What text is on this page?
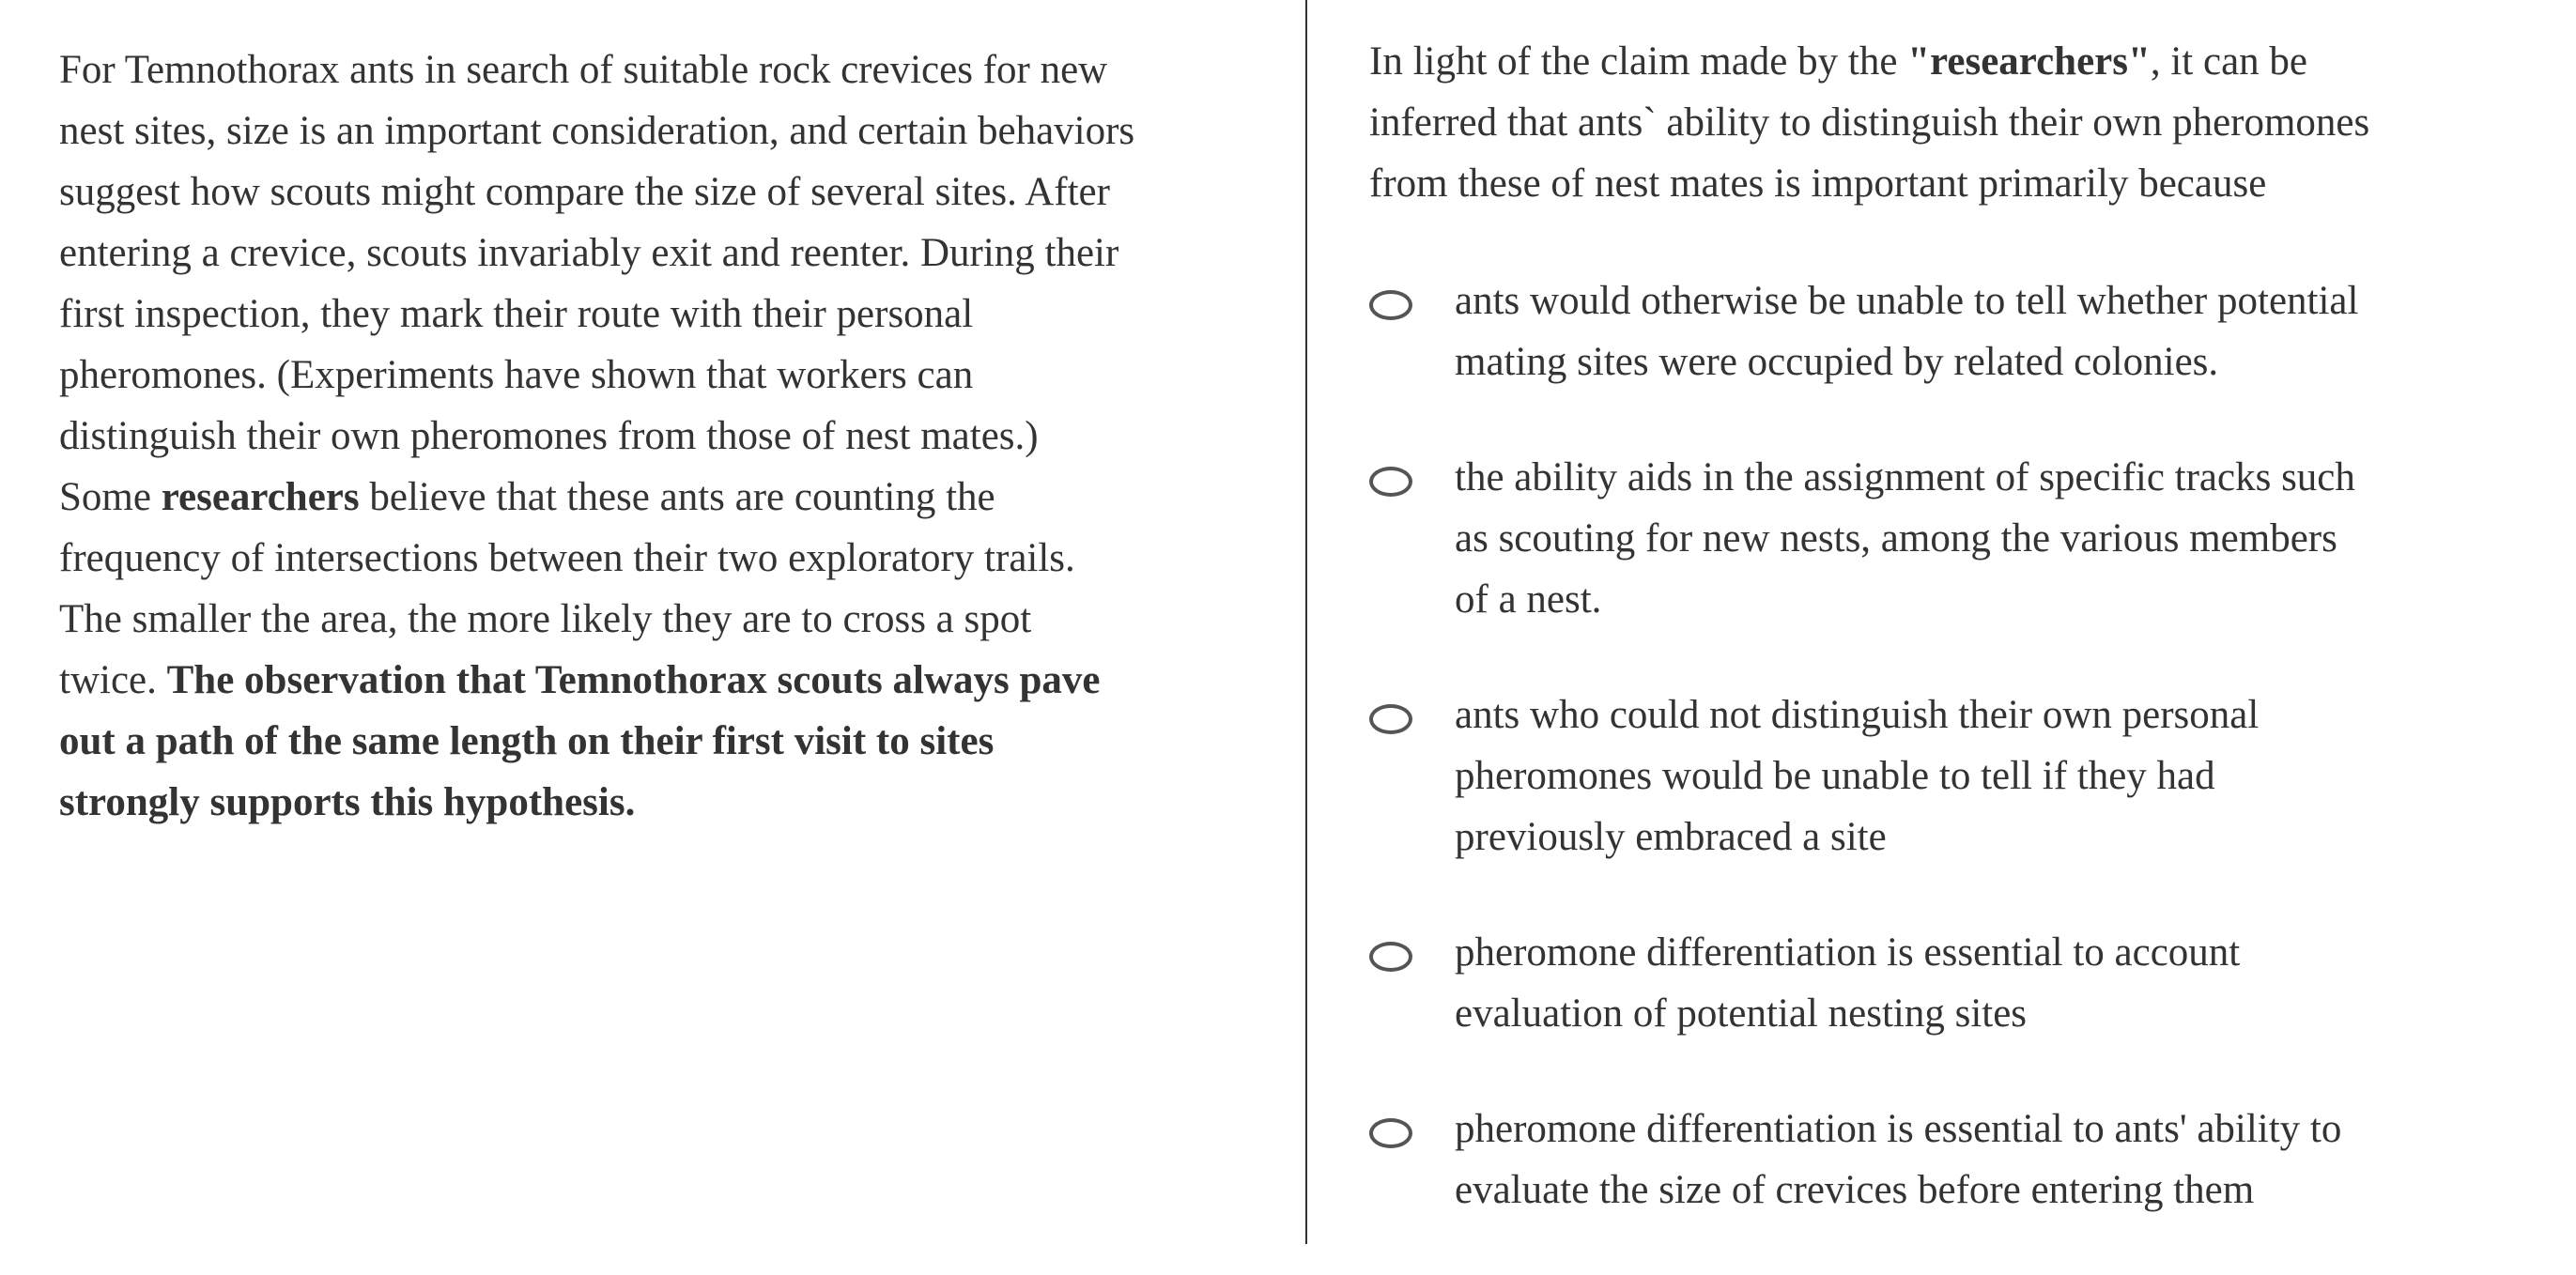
For Temnothorax ants in search of suitable rock crevices for new
nest sites, size is an important consideration, and certain behaviors
suggest how scouts might compare the size of several sites. After
entering a crevice, scouts invariably exit and reenter. During their
first inspection, they mark their route with their personal
pheromones. (Experiments have shown that workers can
distinguish their own pheromones from those of nest mates.)
Some researchers believe that these ants are counting the
frequency of intersections between their two exploratory trails.
The smaller the area, the more likely they are to cross a spot
twice. The observation that Temnothorax scouts always pave
out a path of the same length on their first visit to sites
strongly supports this hypothesis.
In light of the claim made by the "researchers", it can be
inferred that ants` ability to distinguish their own pheromones
from these of nest mates is important primarily because
ants would otherwise be unable to tell whether potential
mating sites were occupied by related colonies.
the ability aids in the assignment of specific tracks such
as scouting for new nests, among the various members
of a nest.
ants who could not distinguish their own personal
pheromones would be unable to tell if they had
previously embraced a site
pheromone differentiation is essential to account
evaluation of potential nesting sites
pheromone differentiation is essential to ants' ability to
evaluate the size of crevices before entering them
